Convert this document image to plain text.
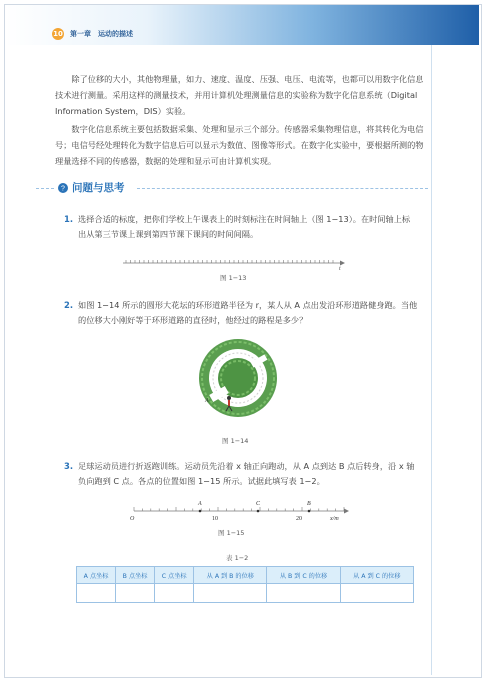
10 第一章　运动的描述
除了位移的大小，其他物理量，如力、速度、温度、压强、电压、电流等，也都可以用数字化信息技术进行测量。采用这样的测量技术，并用计算机处理测量信息的实验称为数字化信息系统（Digital Information System，DIS）实验。
数字化信息系统主要包括数据采集、处理和显示三个部分。传感器采集物理信息，将其转化为电信号；电信号经处理转化为数字信息后可以显示为数值、图像等形式。在数字化实验中，要根据所测的物理量选择不同的传感器，数据的处理和显示可由计算机实现。
? 问题与思考
1. 选择合适的标度，把你们学校上午课表上的时刻标注在时间轴上（图 1−13）。在时间轴上标出从第三节课上课到第四节课下课间的时间间隔。
t
图 1−13
2. 如图 1−14 所示的圆形大花坛的环形道路半径为 r，某人从 A 点出发沿环形道路健身跑。当他的位移大小刚好等于环形道路的直径时，他经过的路程是多少？
A
图 1−14
3. 足球运动员进行折返跑训练。运动员先沿着 x 轴正向跑动，从 A 点到达 B 点后转身，沿 x 轴负向跑到 C 点。各点的位置如图 1−15 所示。试据此填写表 1−2。
A	C	B
O	10	20	x/m
图 1−15
表 1−2
A 点坐标	B 点坐标	C 点坐标	从 A 到 B 的位移	从 B 到 C 的位移	从 A 到 C 的位移
